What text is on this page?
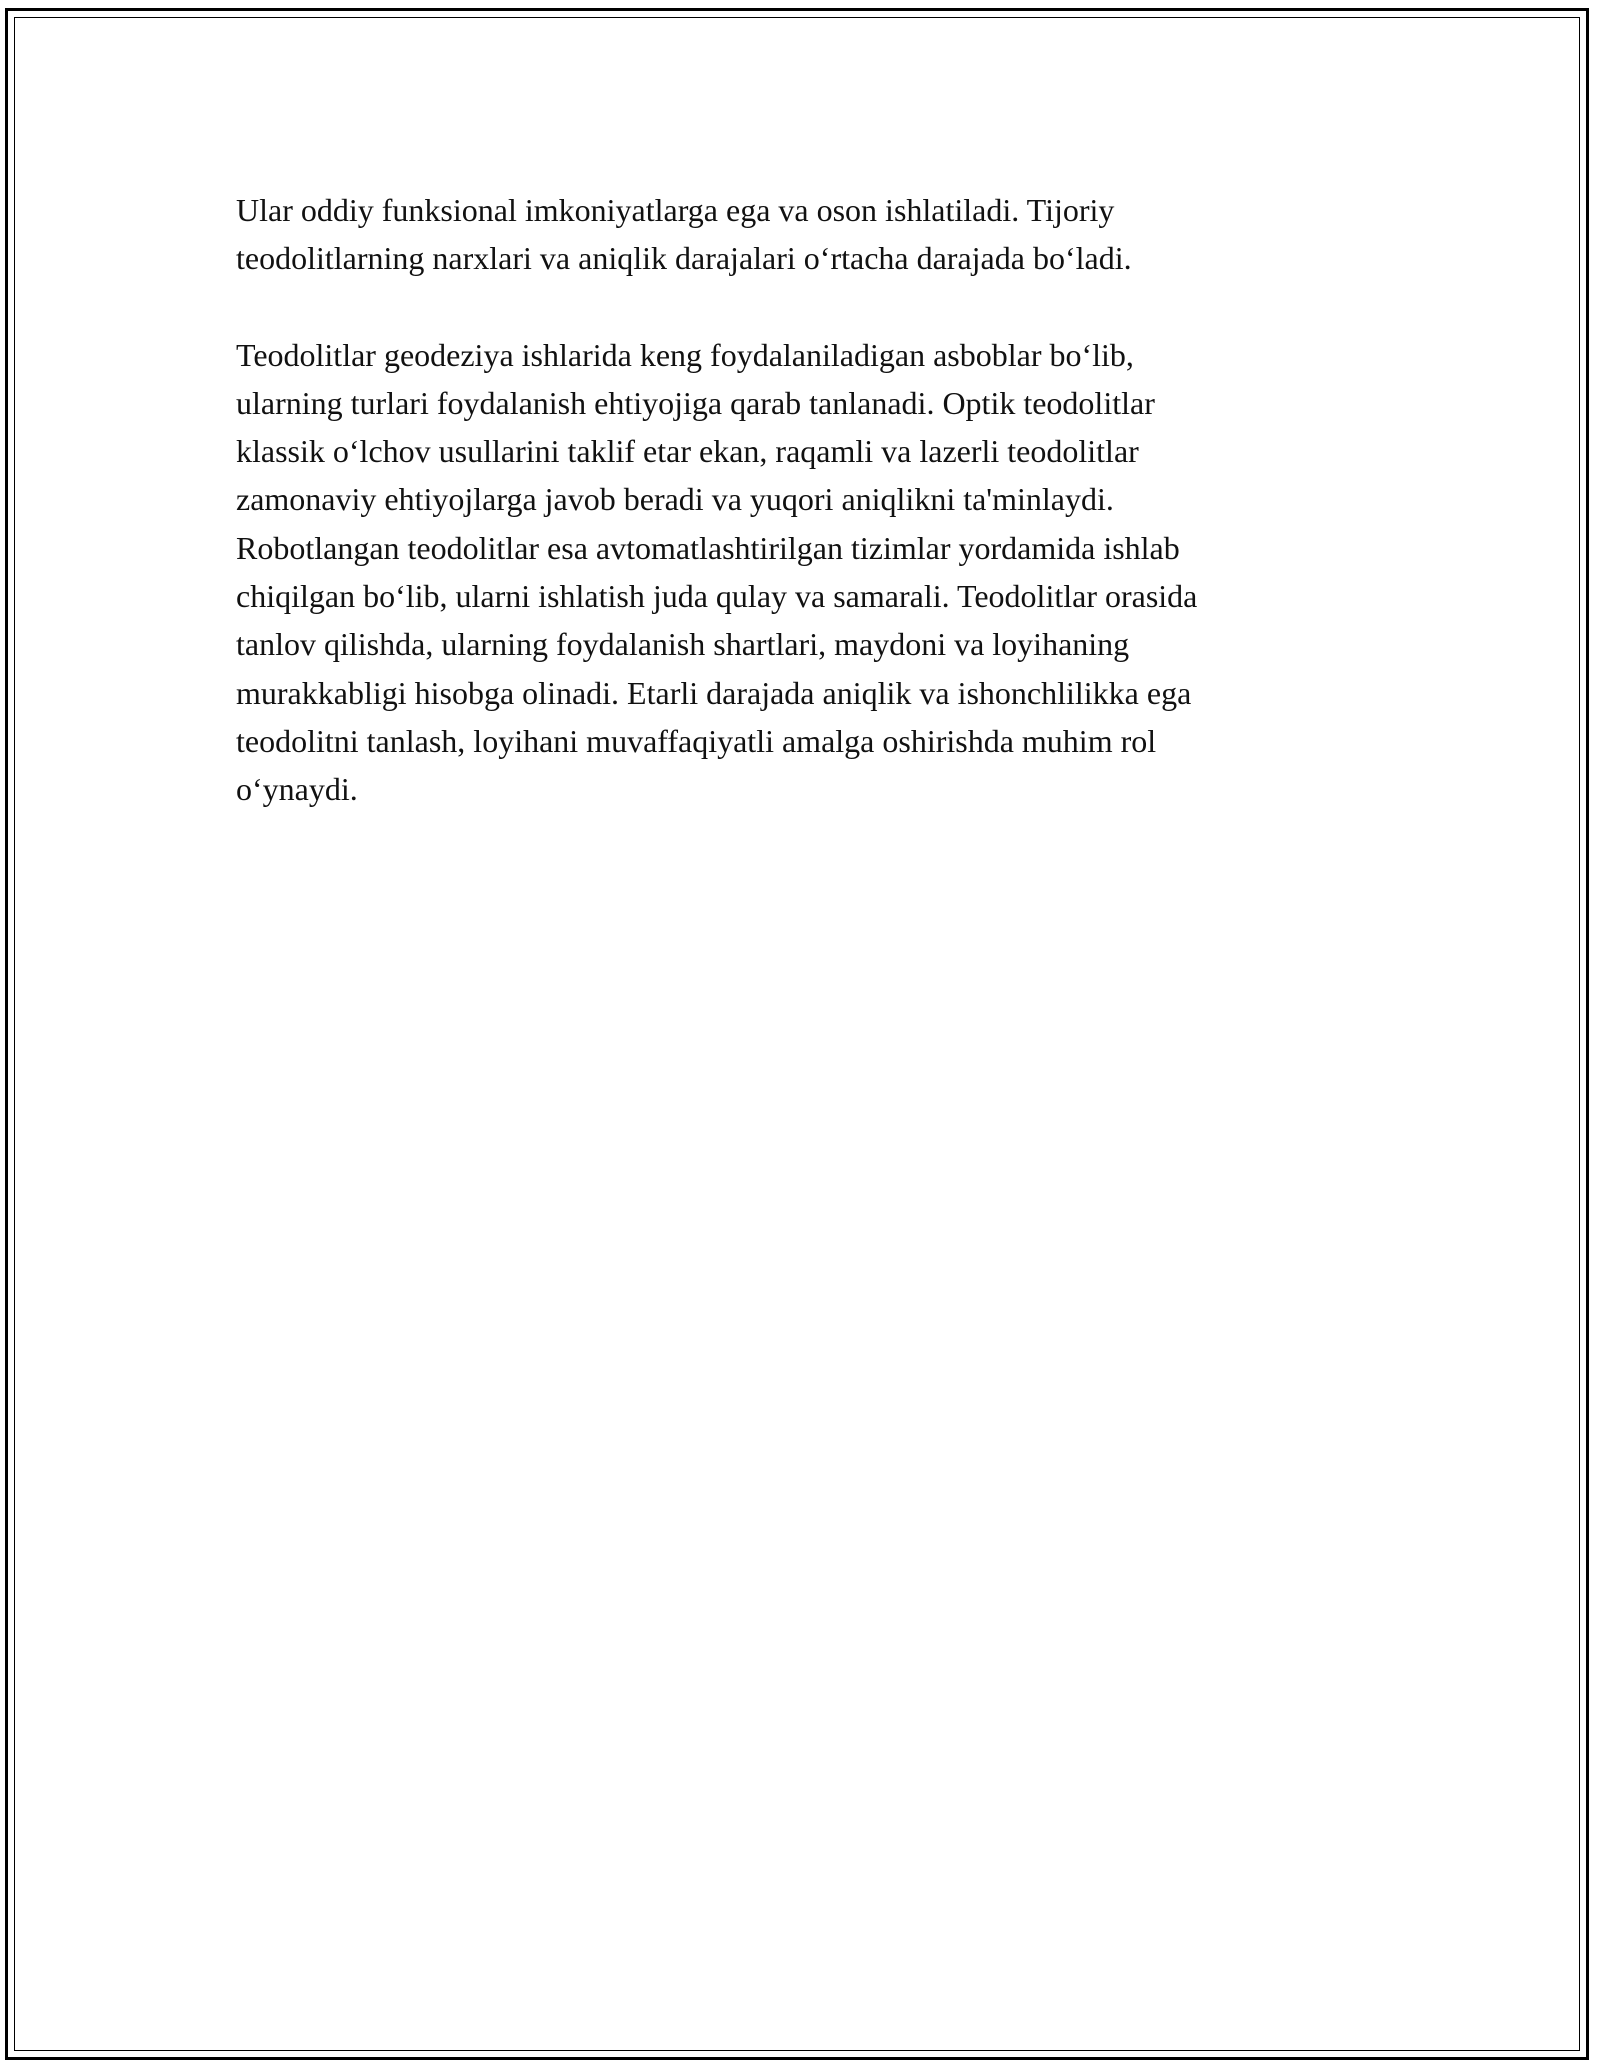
Ular oddiy funksional imkoniyatlarga ega va oson ishlatiladi. Tijoriy
teodolitlarning narxlari va aniqlik darajalari o‘rtacha darajada bo‘ladi.

Teodolitlar geodeziya ishlarida keng foydalaniladigan asboblar bo‘lib,
ularning turlari foydalanish ehtiyojiga qarab tanlanadi. Optik teodolitlar
klassik o‘lchov usullarini taklif etar ekan, raqamli va lazerli teodolitlar
zamonaviy ehtiyojlarga javob beradi va yuqori aniqlikni ta'minlaydi.
Robotlangan teodolitlar esa avtomatlashtirilgan tizimlar yordamida ishlab
chiqilgan bo‘lib, ularni ishlatish juda qulay va samarali. Teodolitlar orasida
tanlov qilishda, ularning foydalanish shartlari, maydoni va loyihaning
murakkabligi hisobga olinadi. Etarli darajada aniqlik va ishonchlilikka ega
teodolitni tanlash, loyihani muvaffaqiyatli amalga oshirishda muhim rol
o‘ynaydi.
